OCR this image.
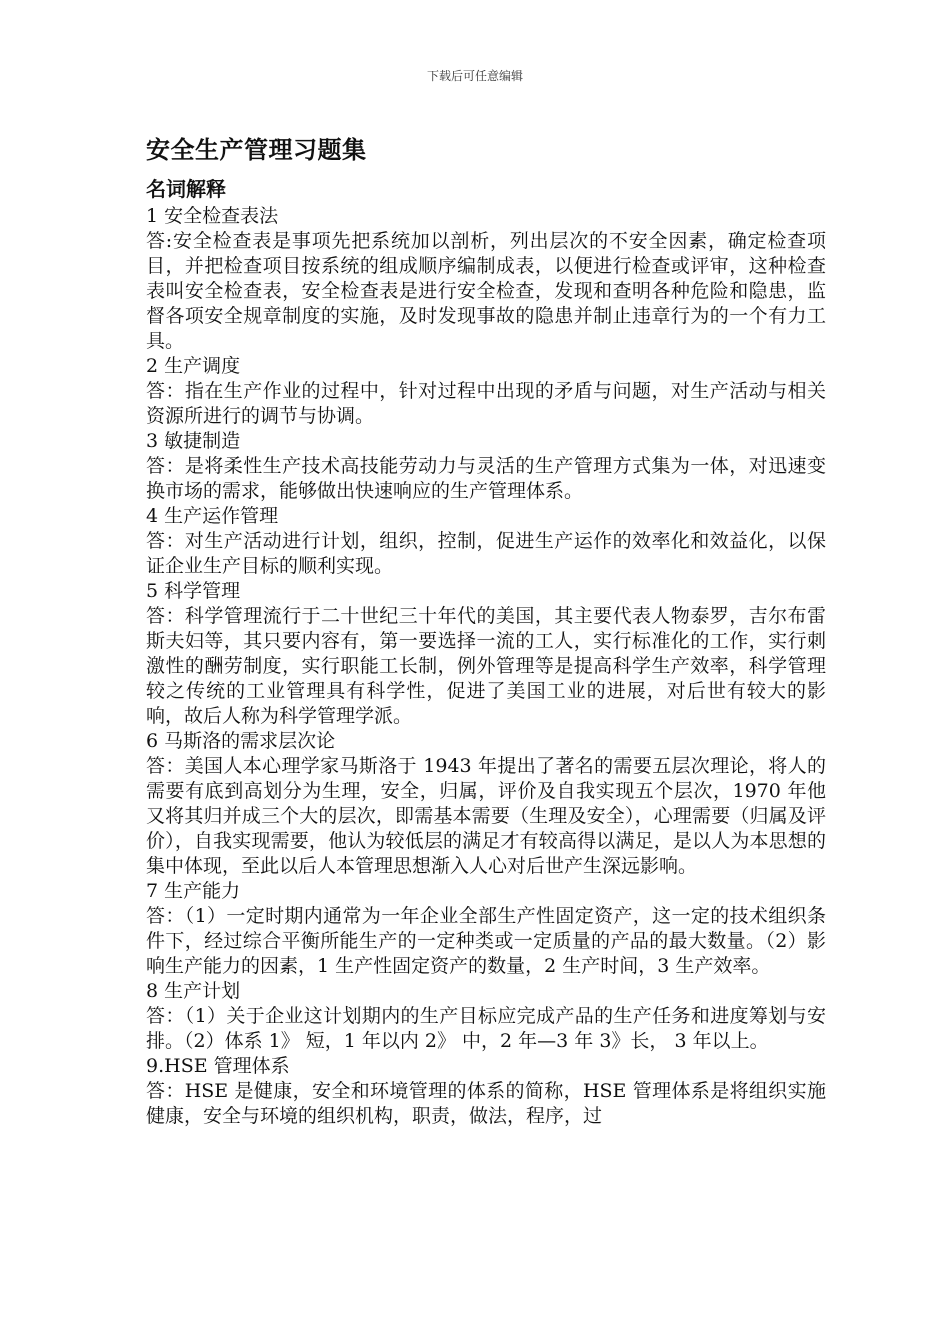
下载后可任意编辑
安全生产管理习题集
名词解释

1 安全检查表法

答:安全检查表是事项先把系统加以剖析，列出层次的不安全因素，确定检查项目，并把检查项目按系统的组成顺序编制成表，以便进行检查或评审，这种检查表叫安全检查表，安全检查表是进行安全检查，发现和查明各种危险和隐患，监督各项安全规章制度的实施，及时发现事故的隐患并制止违章行为的一个有力工具。

2 生产调度

答：指在生产作业的过程中，针对过程中出现的矛盾与问题，对生产活动与相关资源所进行的调节与协调。

3 敏捷制造

答：是将柔性生产技术高技能劳动力与灵活的生产管理方式集为一体，对迅速变换市场的需求，能够做出快速响应的生产管理体系。

4 生产运作管理

答：对生产活动进行计划，组织，控制，促进生产运作的效率化和效益化，以保证企业生产目标的顺利实现。

5 科学管理

答：科学管理流行于二十世纪三十年代的美国，其主要代表人物泰罗，吉尔布雷斯夫妇等，其只要内容有，第一要选择一流的工人，实行标准化的工作，实行刺激性的酬劳制度，实行职能工长制，例外管理等是提高科学生产效率，科学管理较之传统的工业管理具有科学性，促进了美国工业的进展，对后世有较大的影响，故后人称为科学管理学派。

6 马斯洛的需求层次论

答：美国人本心理学家马斯洛于 1943 年提出了著名的需要五层次理论，将人的需要有底到高划分为生理，安全，归属，评价及自我实现五个层次，1970 年他又将其归并成三个大的层次，即需基本需要（生理及安全），心理需要（归属及评价），自我实现需要，他认为较低层的满足才有较高得以满足，是以人为本思想的集中体现，至此以后人本管理思想渐入人心对后世产生深远影响。

7 生产能力

答：（1）一定时期内通常为一年企业全部生产性固定资产，这一定的技术组织条件下，经过综合平衡所能生产的一定种类或一定质量的产品的最大数量。（2）影响生产能力的因素，1 生产性固定资产的数量，2 生产时间，3 生产效率。

8 生产计划

答：（1）关于企业这计划期内的生产目标应完成产品的生产任务和进度筹划与安排。（2）体系 1》 短，1 年以内 2》 中，2 年—3 年 3》长， 3 年以上。

9.HSE 管理体系

答：HSE 是健康，安全和环境管理的体系的简称，HSE 管理体系是将组织实施健康，安全与环境的组织机构，职责，做法，程序，过
